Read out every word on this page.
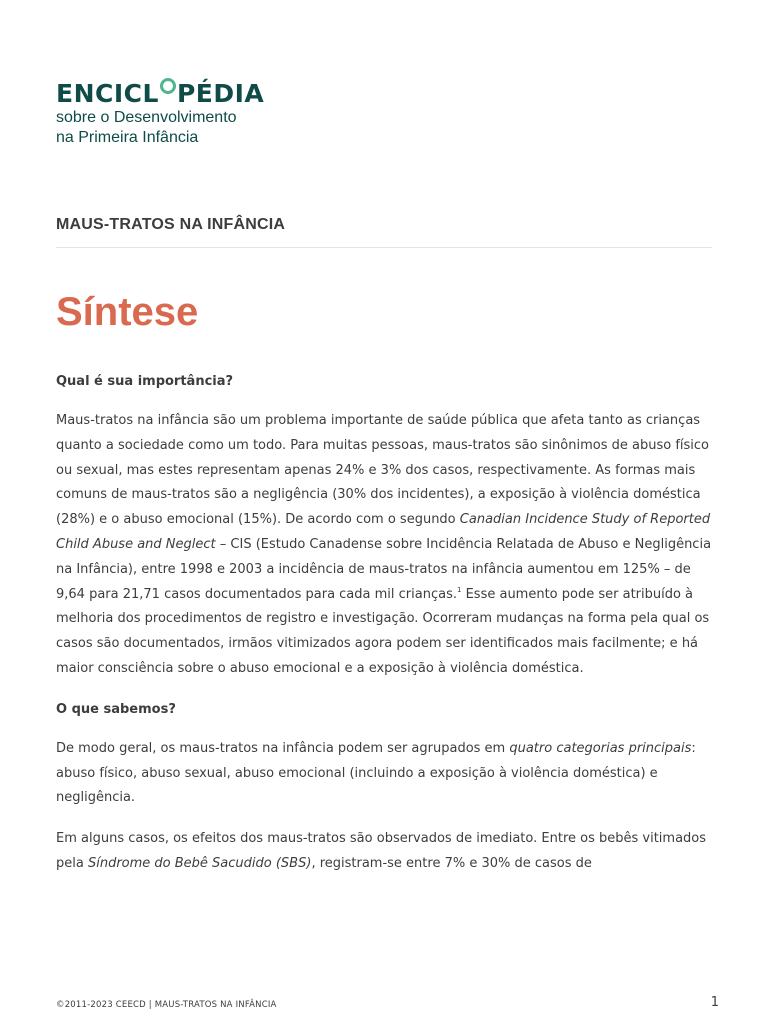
ENCICL PÉDIA
sobre o Desenvolvimento
na Primeira Infância
MAUS-TRATOS NA INFÂNCIA
Síntese

Qual é sua importância?

Maus-tratos na infância são um problema importante de saúde pública que afeta tanto as crianças quanto a sociedade como um todo. Para muitas pessoas, maus-tratos são sinônimos de abuso físico ou sexual, mas estes representam apenas 24% e 3% dos casos, respectivamente. As formas mais comuns de maus-tratos são a negligência (30% dos incidentes), a exposição à violência doméstica (28%) e o abuso emocional (15%). De acordo com o segundo Canadian Incidence Study of Reported Child Abuse and Neglect – CIS (Estudo Canadense sobre Incidência Relatada de Abuso e Negligência na Infância), entre 1998 e 2003 a incidência de maus-tratos na infância aumentou em 125% – de 9,64 para 21,71 casos documentados para cada mil crianças.$^1$ Esse aumento pode ser atribuído à melhoria dos procedimentos de registro e investigação. Ocorreram mudanças na forma pela qual os casos são documentados, irmãos vitimizados agora podem ser identificados mais facilmente; e há maior consciência sobre o abuso emocional e a exposição à violência doméstica.

O que sabemos?

De modo geral, os maus-tratos na infância podem ser agrupados em quatro categorias principais: abuso físico, abuso sexual, abuso emocional (incluindo a exposição à violência doméstica) e negligência.

Em alguns casos, os efeitos dos maus-tratos são observados de imediato. Entre os bebês vitimados pela Síndrome do Bebê Sacudido (SBS), registram-se entre 7% e 30% de casos de

©2011-2023 CEECD | MAUS-TRATOS NA INFÂNCIA	1
